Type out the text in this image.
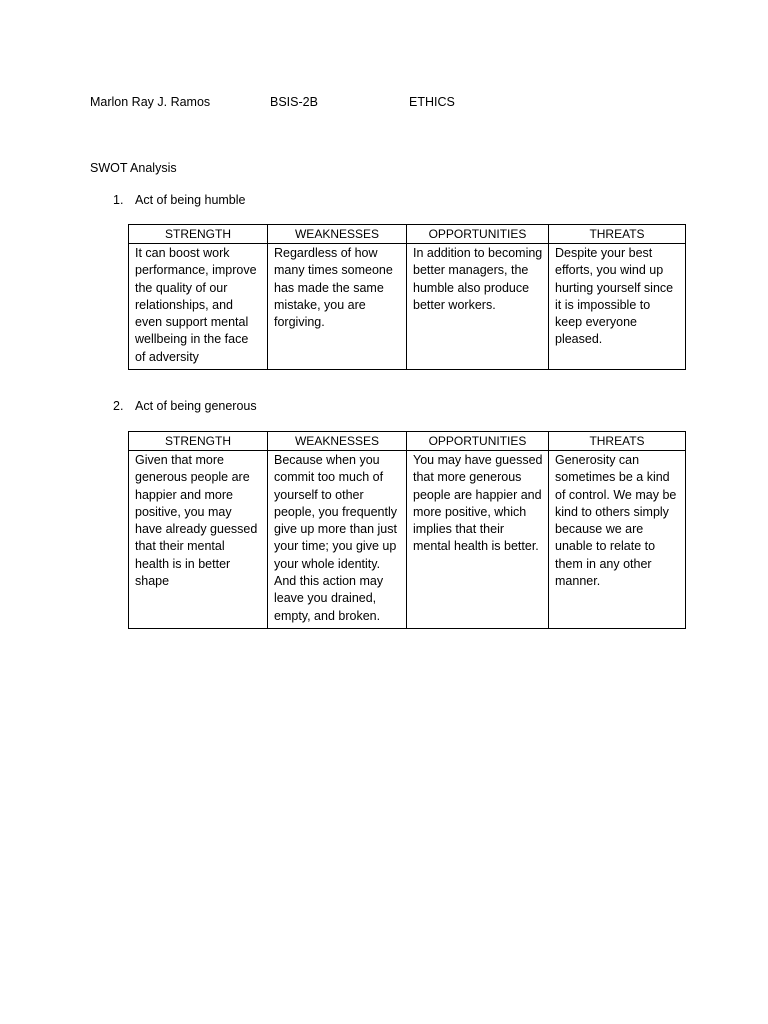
Marlon Ray J. Ramos	BSIS-2B	ETHICS
SWOT Analysis
1. Act of being humble
STRENGTH	WEAKNESSES	OPPORTUNITIES	THREATS
It can boost work performance, improve the quality of our relationships, and even support mental wellbeing in the face of adversity	Regardless of how many times someone has made the same mistake, you are forgiving.	In addition to becoming better managers, the humble also produce better workers.	Despite your best efforts, you wind up hurting yourself since it is impossible to keep everyone pleased.
2. Act of being generous
STRENGTH	WEAKNESSES	OPPORTUNITIES	THREATS
Given that more generous people are happier and more positive, you may have already guessed that their mental health is in better shape	Because when you commit too much of yourself to other people, you frequently give up more than just your time; you give up your whole identity. And this action may leave you drained, empty, and broken.	You may have guessed that more generous people are happier and more positive, which implies that their mental health is better.	Generosity can sometimes be a kind of control. We may be kind to others simply because we are unable to relate to them in any other manner.
